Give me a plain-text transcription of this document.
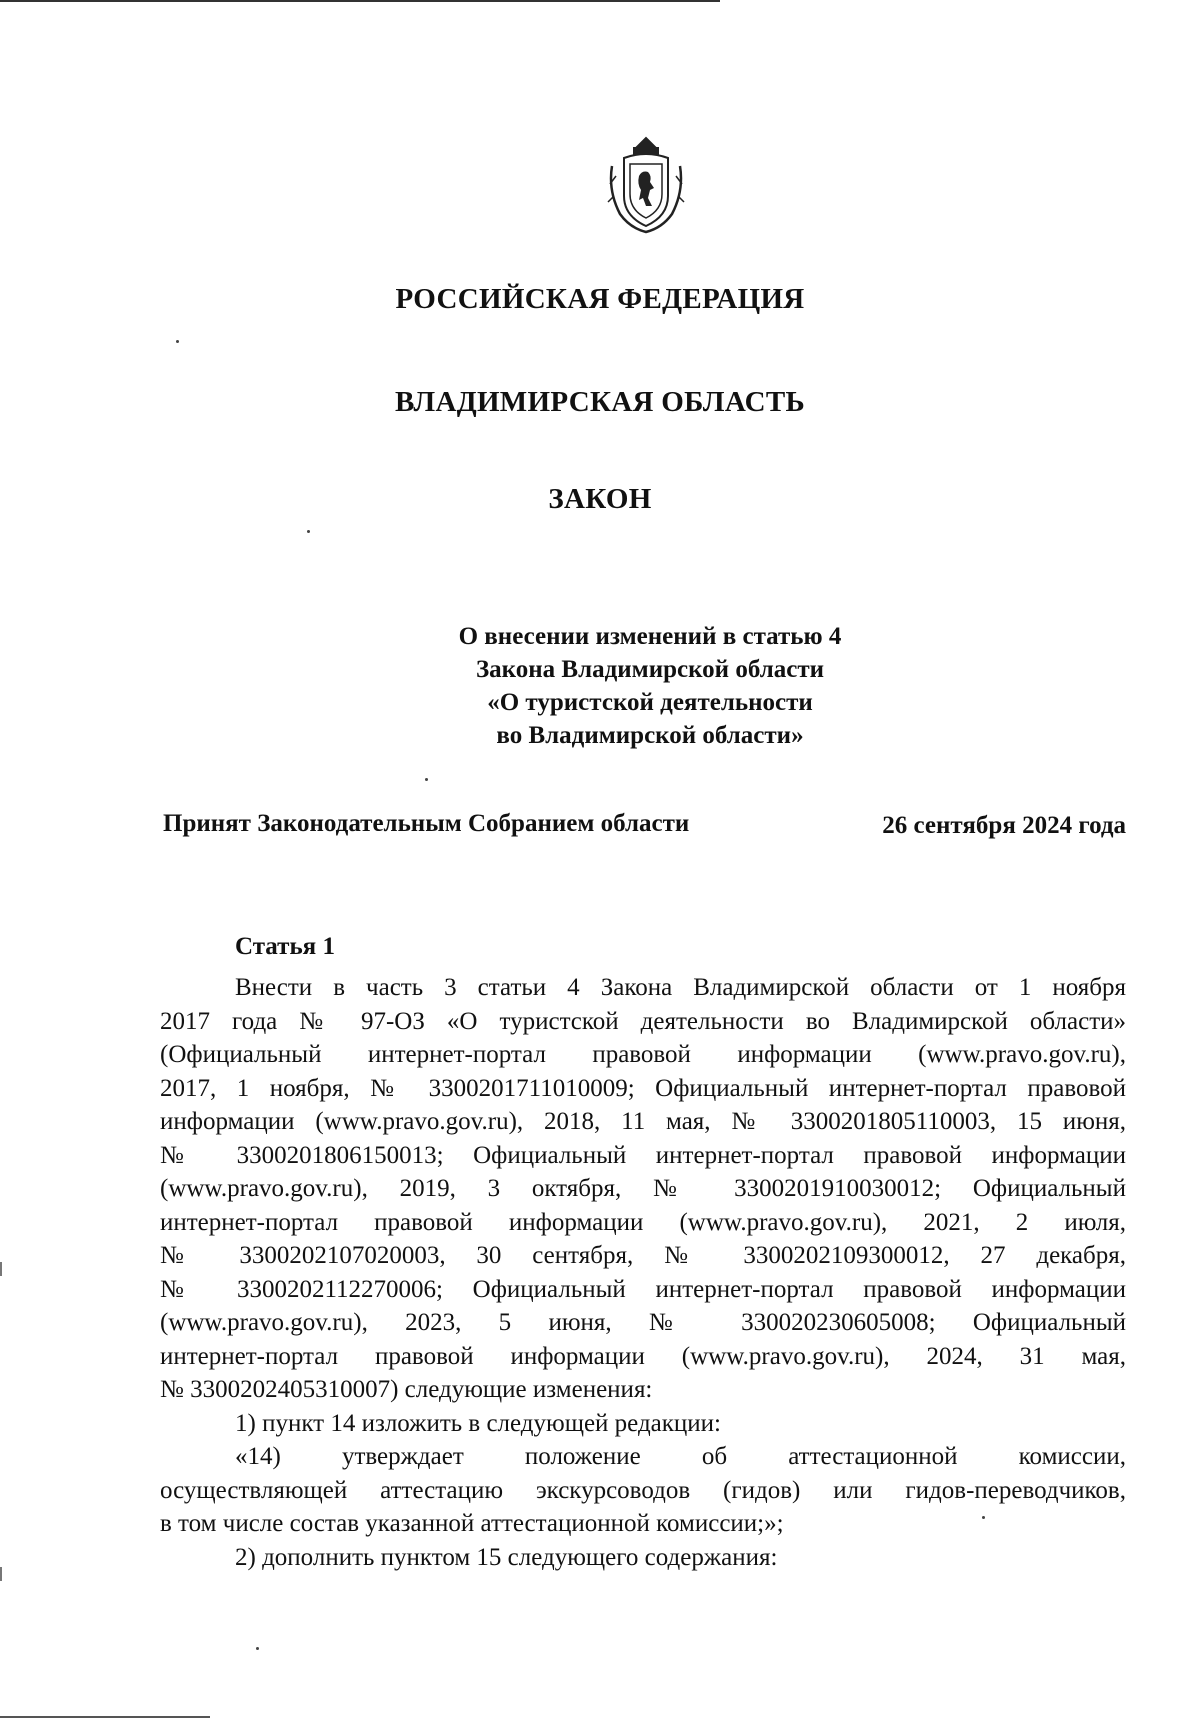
РОССИЙСКАЯ ФЕДЕРАЦИЯ
ВЛАДИМИРСКАЯ ОБЛАСТЬ
ЗАКОН
О внесении изменений в статью 4
Закона Владимирской области
«О туристской деятельности
во Владимирской области»
Принят Законодательным Собранием области	26 сентября 2024 года
Статья 1
Внести в часть 3 статьи 4 Закона Владимирской области от 1 ноября
2017 года № 97-ОЗ «О туристской деятельности во Владимирской области»
(Официальный интернет-портал правовой информации (www.pravo.gov.ru),
2017, 1 ноября, № 3300201711010009; Официальный интернет-портал правовой
информации (www.pravo.gov.ru), 2018, 11 мая, № 3300201805110003, 15 июня,
№ 3300201806150013; Официальный интернет-портал правовой информации
(www.pravo.gov.ru), 2019, 3 октября, № 3300201910030012; Официальный
интернет-портал правовой информации (www.pravo.gov.ru), 2021, 2 июля,
№ 3300202107020003, 30 сентября, № 3300202109300012, 27 декабря,
№ 3300202112270006; Официальный интернет-портал правовой информации
(www.pravo.gov.ru), 2023, 5 июня, № 330020230605008; Официальный
интернет-портал правовой информации (www.pravo.gov.ru), 2024, 31 мая,
№ 3300202405310007) следующие изменения:
1) пункт 14 изложить в следующей редакции:
«14) утверждает положение об аттестационной комиссии,
осуществляющей аттестацию экскурсоводов (гидов) или гидов-переводчиков,
в том числе состав указанной аттестационной комиссии;»;
2) дополнить пунктом 15 следующего содержания:
